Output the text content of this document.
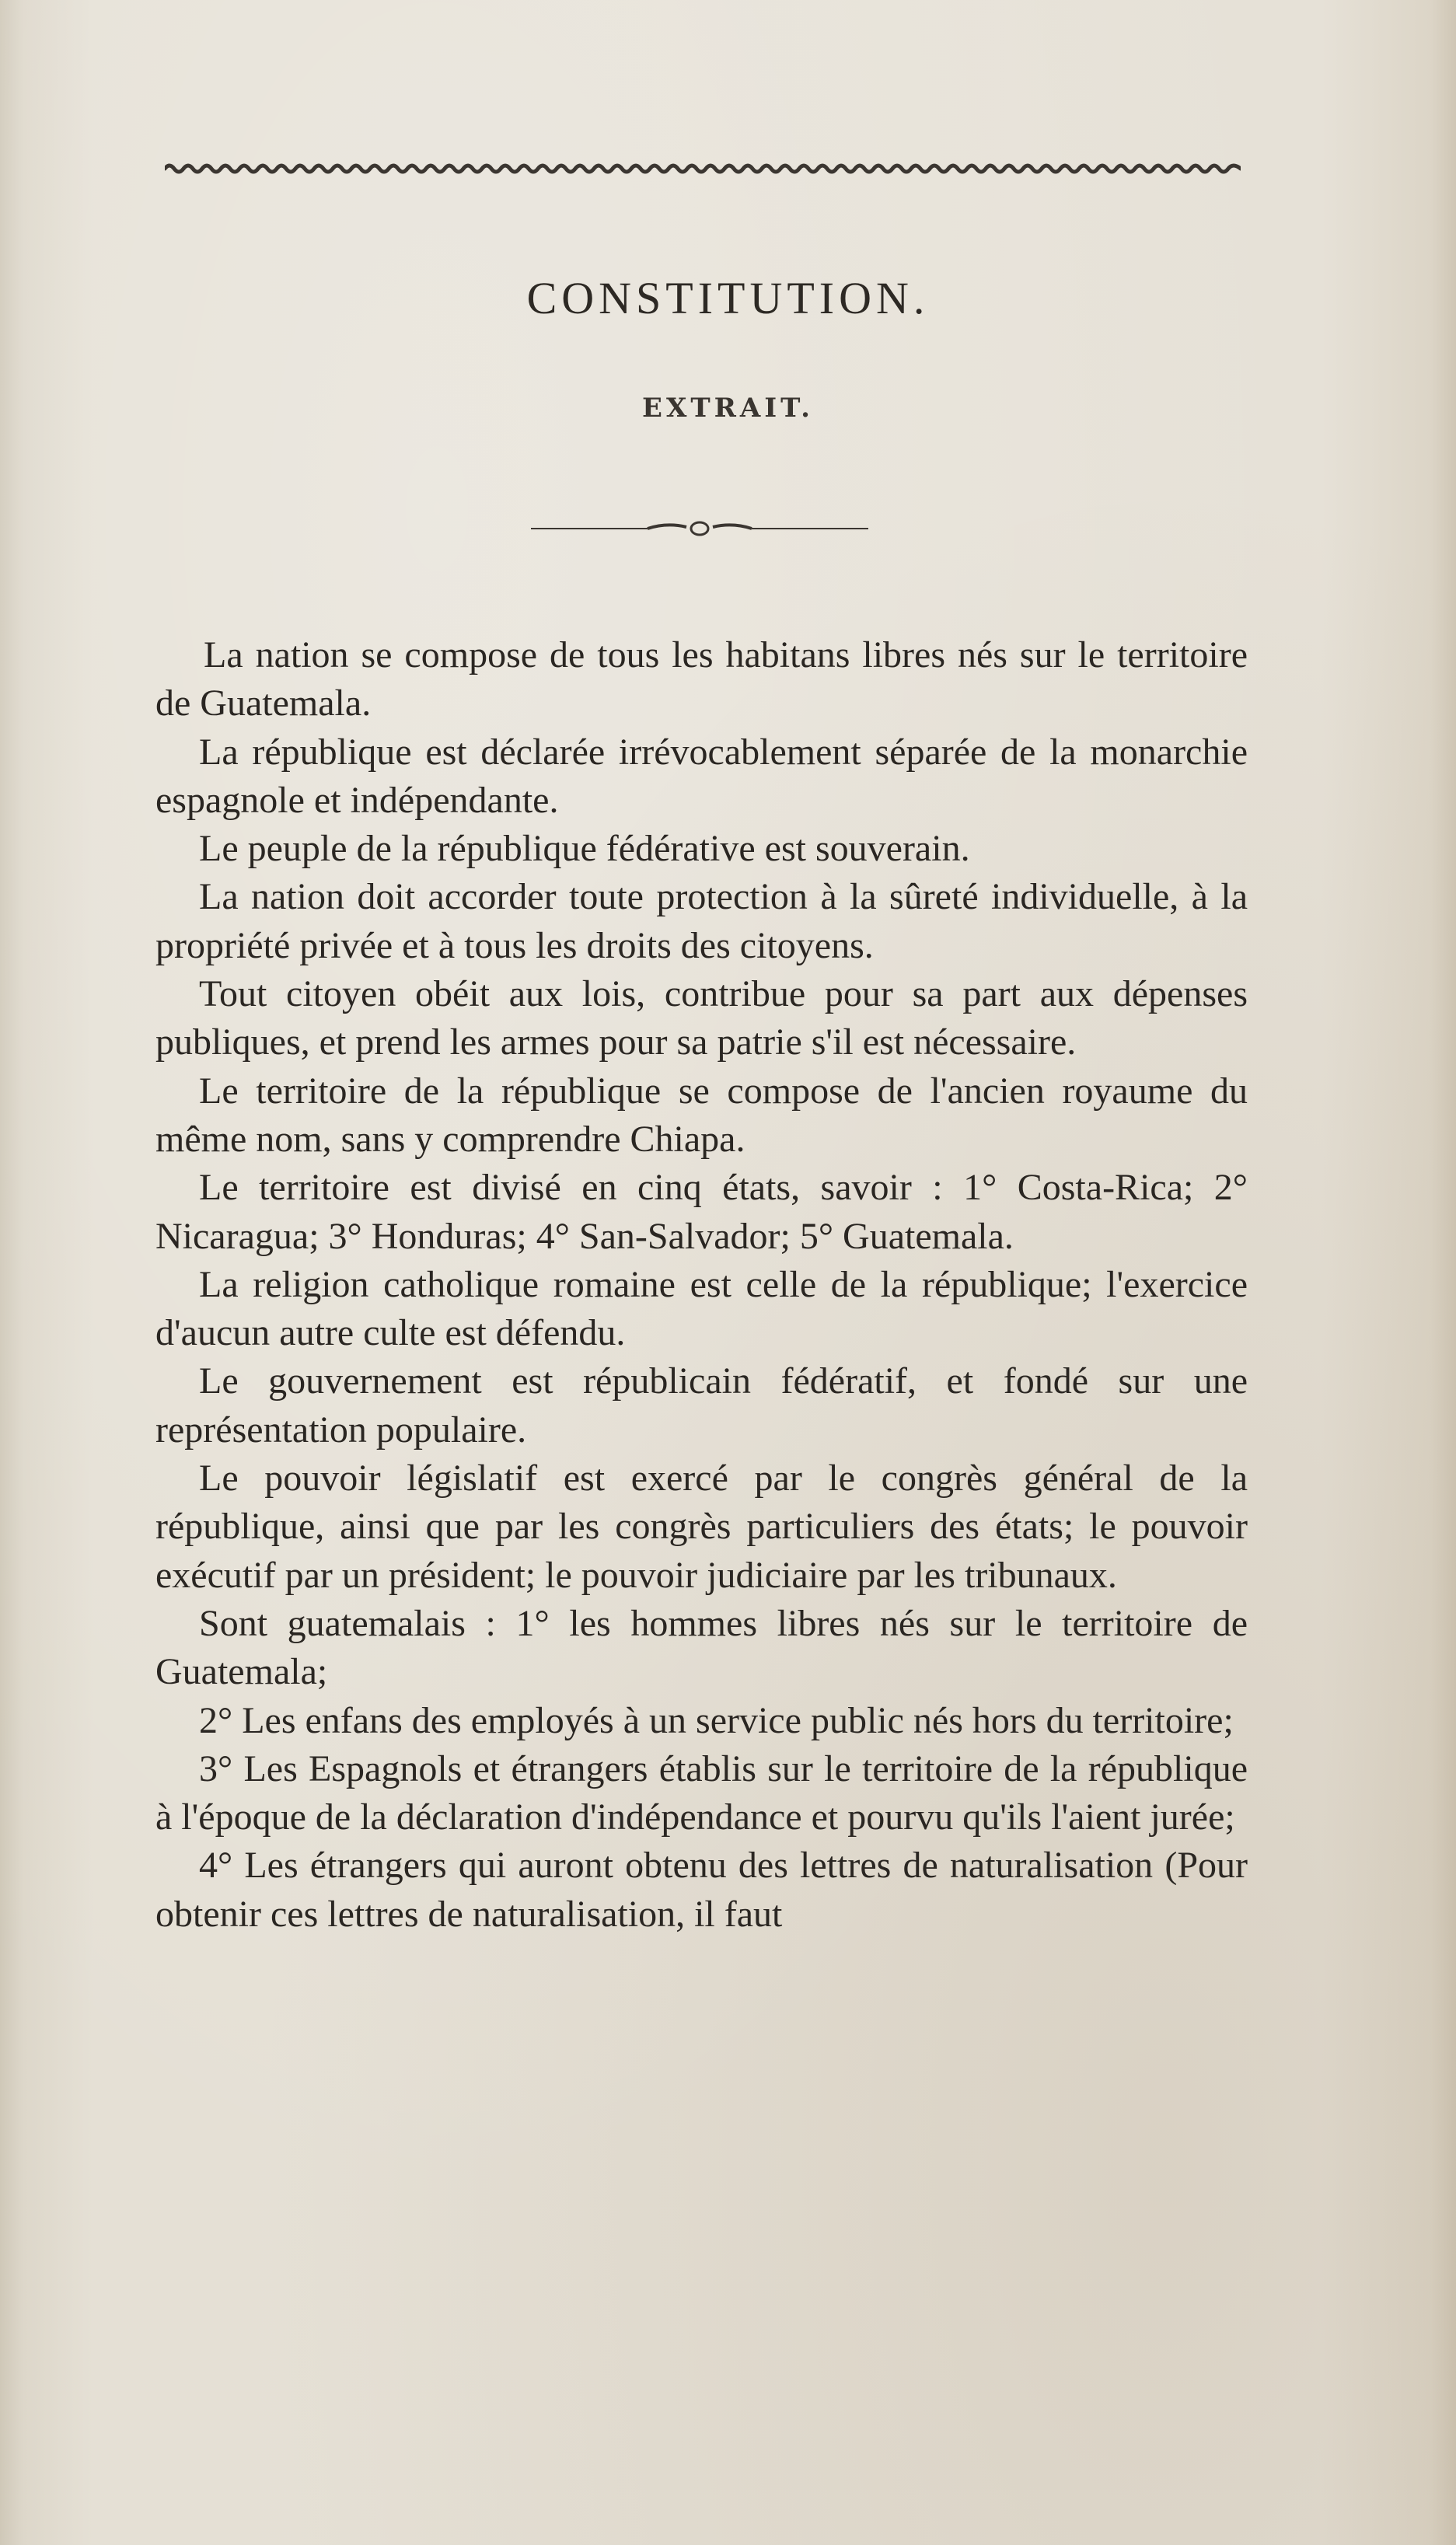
CONSTITUTION.
EXTRAIT.

La nation se compose de tous les habitans libres nés sur le territoire de Guatemala.

La république est déclarée irrévocablement séparée de la monarchie espagnole et indépendante.

Le peuple de la république fédérative est souverain.

La nation doit accorder toute protection à la sûreté individuelle, à la propriété privée et à tous les droits des citoyens.

Tout citoyen obéit aux lois, contribue pour sa part aux dépenses publiques, et prend les armes pour sa patrie s'il est nécessaire.

Le territoire de la république se compose de l'ancien royaume du même nom, sans y comprendre Chiapa.

Le territoire est divisé en cinq états, savoir : 1° Costa-Rica; 2° Nicaragua; 3° Honduras; 4° San-Salvador; 5° Guatemala.

La religion catholique romaine est celle de la république; l'exercice d'aucun autre culte est défendu.

Le gouvernement est républicain fédératif, et fondé sur une représentation populaire.

Le pouvoir législatif est exercé par le congrès général de la république, ainsi que par les congrès particuliers des états; le pouvoir exécutif par un président; le pouvoir judiciaire par les tribunaux.

Sont guatemalais : 1° les hommes libres nés sur le territoire de Guatemala;

2° Les enfans des employés à un service public nés hors du territoire;

3° Les Espagnols et étrangers établis sur le territoire de la république à l'époque de la déclaration d'indépendance et pourvu qu'ils l'aient jurée;

4° Les étrangers qui auront obtenu des lettres de naturalisation (Pour obtenir ces lettres de naturalisation, il faut
